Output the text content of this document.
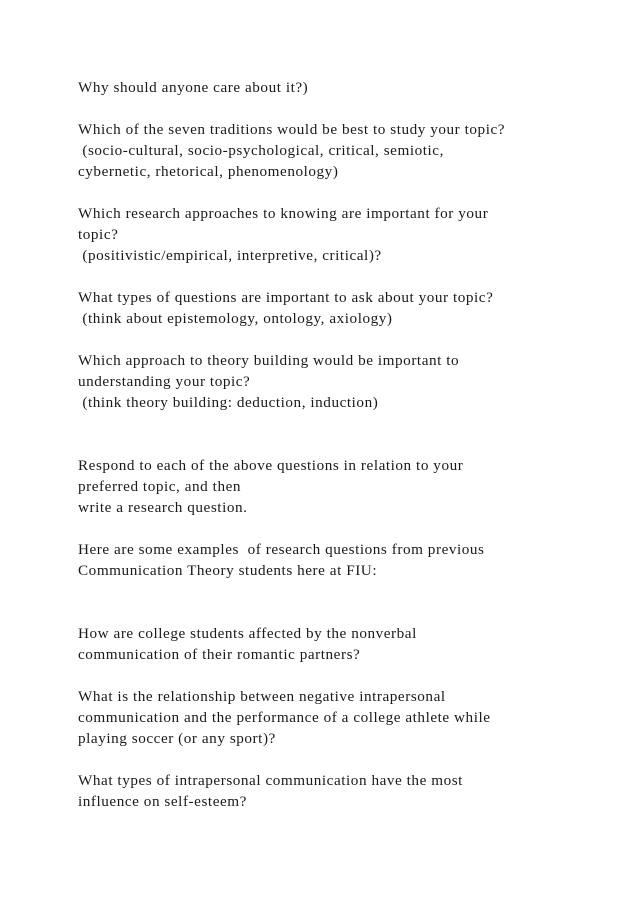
Why should anyone care about it?)
Which of the seven traditions would be best to study your topic?
(socio-cultural, socio-psychological, critical, semiotic,
cybernetic, rhetorical, phenomenology)
Which research approaches to knowing are important for your
topic?
(positivistic/empirical, interpretive, critical)?
What types of questions are important to ask about your topic?
(think about epistemology, ontology, axiology)
Which approach to theory building would be important to
understanding your topic?
(think theory building: deduction, induction)
Respond to each of the above questions in relation to your
preferred topic, and then
write a research question.
Here are some examples  of research questions from previous
Communication Theory students here at FIU:
How are college students affected by the nonverbal
communication of their romantic partners?
What is the relationship between negative intrapersonal
communication and the performance of a college athlete while
playing soccer (or any sport)?
What types of intrapersonal communication have the most
influence on self-esteem?
